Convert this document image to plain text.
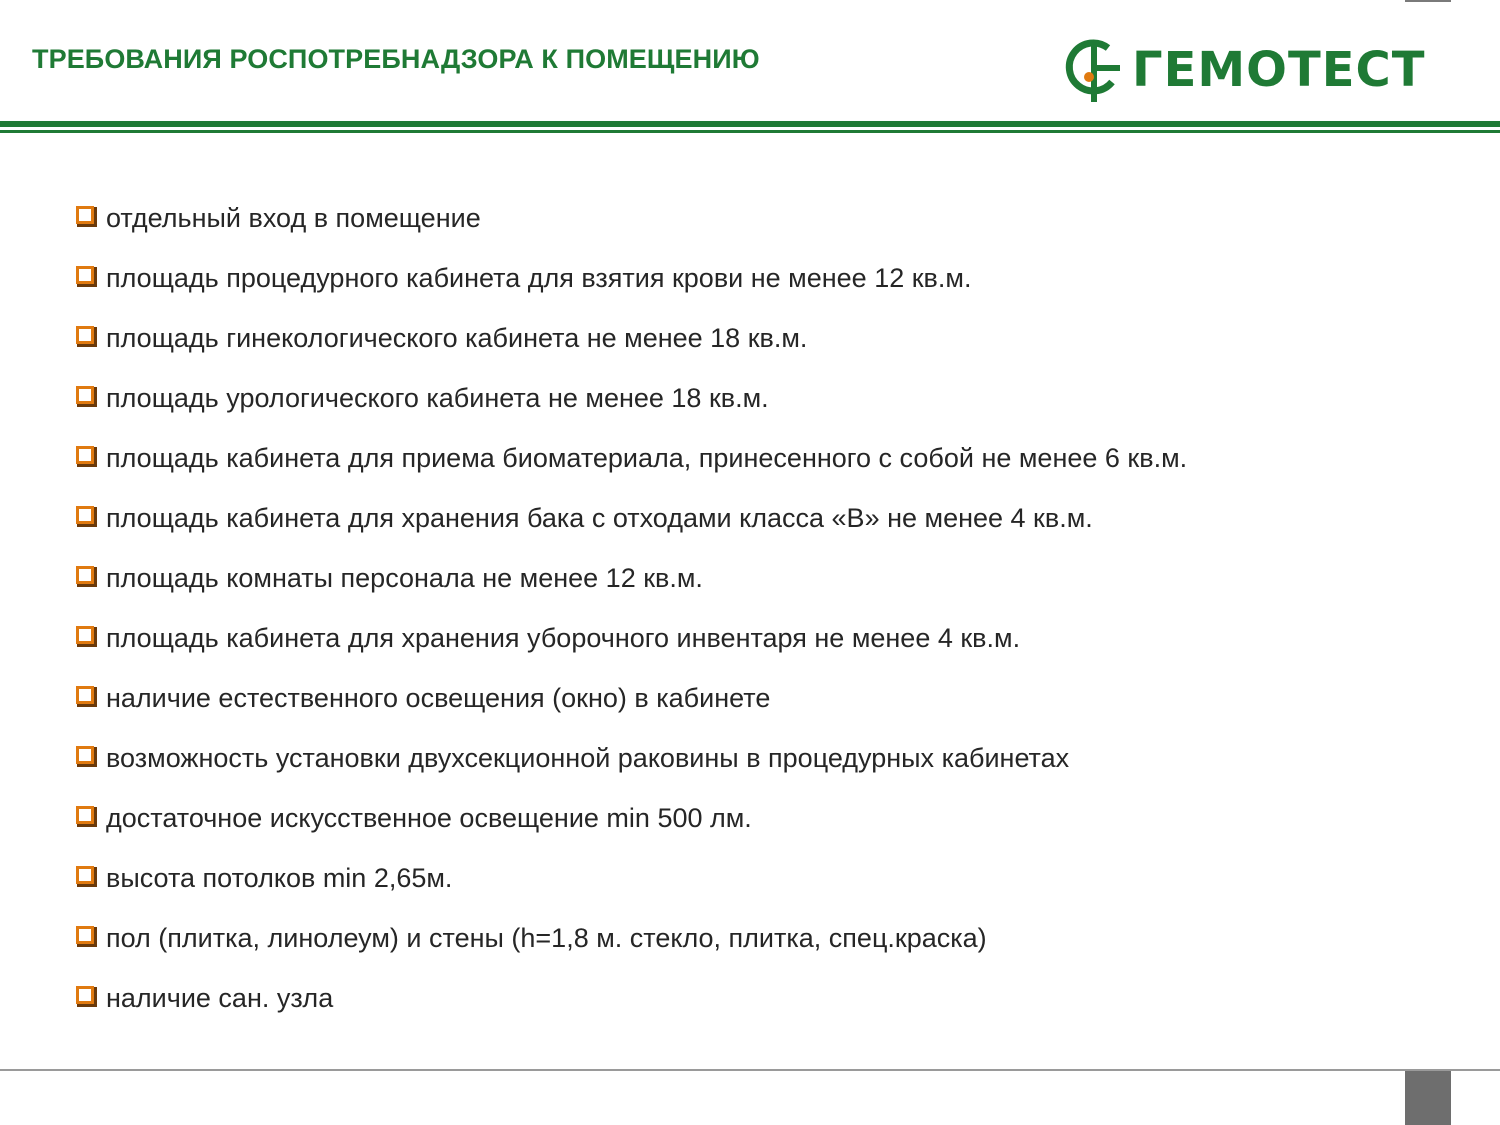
ТРЕБОВАНИЯ РОСПОТРЕБНАДЗОРА К ПОМЕЩЕНИЮ	ГЕМОТЕСТ
отдельный вход в помещение
площадь процедурного кабинета для взятия крови не менее 12 кв.м.
площадь гинекологического кабинета не менее 18 кв.м.
площадь урологического кабинета не менее 18 кв.м.
площадь кабинета для приема биоматериала, принесенного с собой не менее 6 кв.м.
площадь кабинета для хранения бака с отходами класса «В» не менее 4 кв.м.
площадь комнаты персонала не менее 12 кв.м.
площадь кабинета для хранения уборочного инвентаря не менее 4 кв.м.
наличие естественного освещения (окно) в кабинете
возможность установки двухсекционной раковины в процедурных кабинетах
достаточное искусственное освещение min 500 лм.
высота потолков min 2,65м.
пол (плитка, линолеум) и стены (h=1,8 м. стекло, плитка, спец.краска)
наличие сан. узла
